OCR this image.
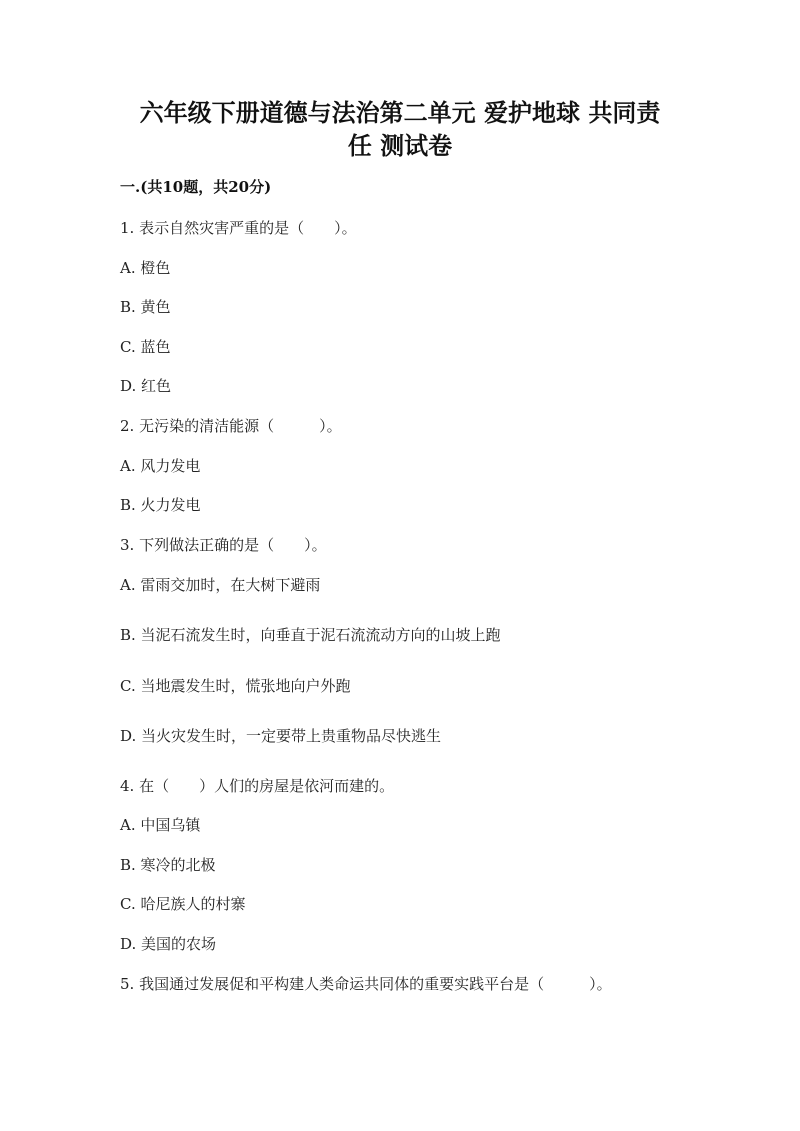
六年级下册道德与法治第二单元 爱护地球 共同责
任 测试卷
一.(共10题，共20分)
1. 表示自然灾害严重的是（　　）。
A. 橙色
B. 黄色
C. 蓝色
D. 红色
2. 无污染的清洁能源（　　　）。
A. 风力发电
B. 火力发电
3. 下列做法正确的是（　　）。
A. 雷雨交加时，在大树下避雨
B. 当泥石流发生时，向垂直于泥石流流动方向的山坡上跑
C. 当地震发生时，慌张地向户外跑
D. 当火灾发生时，一定要带上贵重物品尽快逃生
4. 在（　　）人们的房屋是依河而建的。
A. 中国乌镇
B. 寒冷的北极
C. 哈尼族人的村寨
D. 美国的农场
5. 我国通过发展促和平构建人类命运共同体的重要实践平台是（　　　）。
